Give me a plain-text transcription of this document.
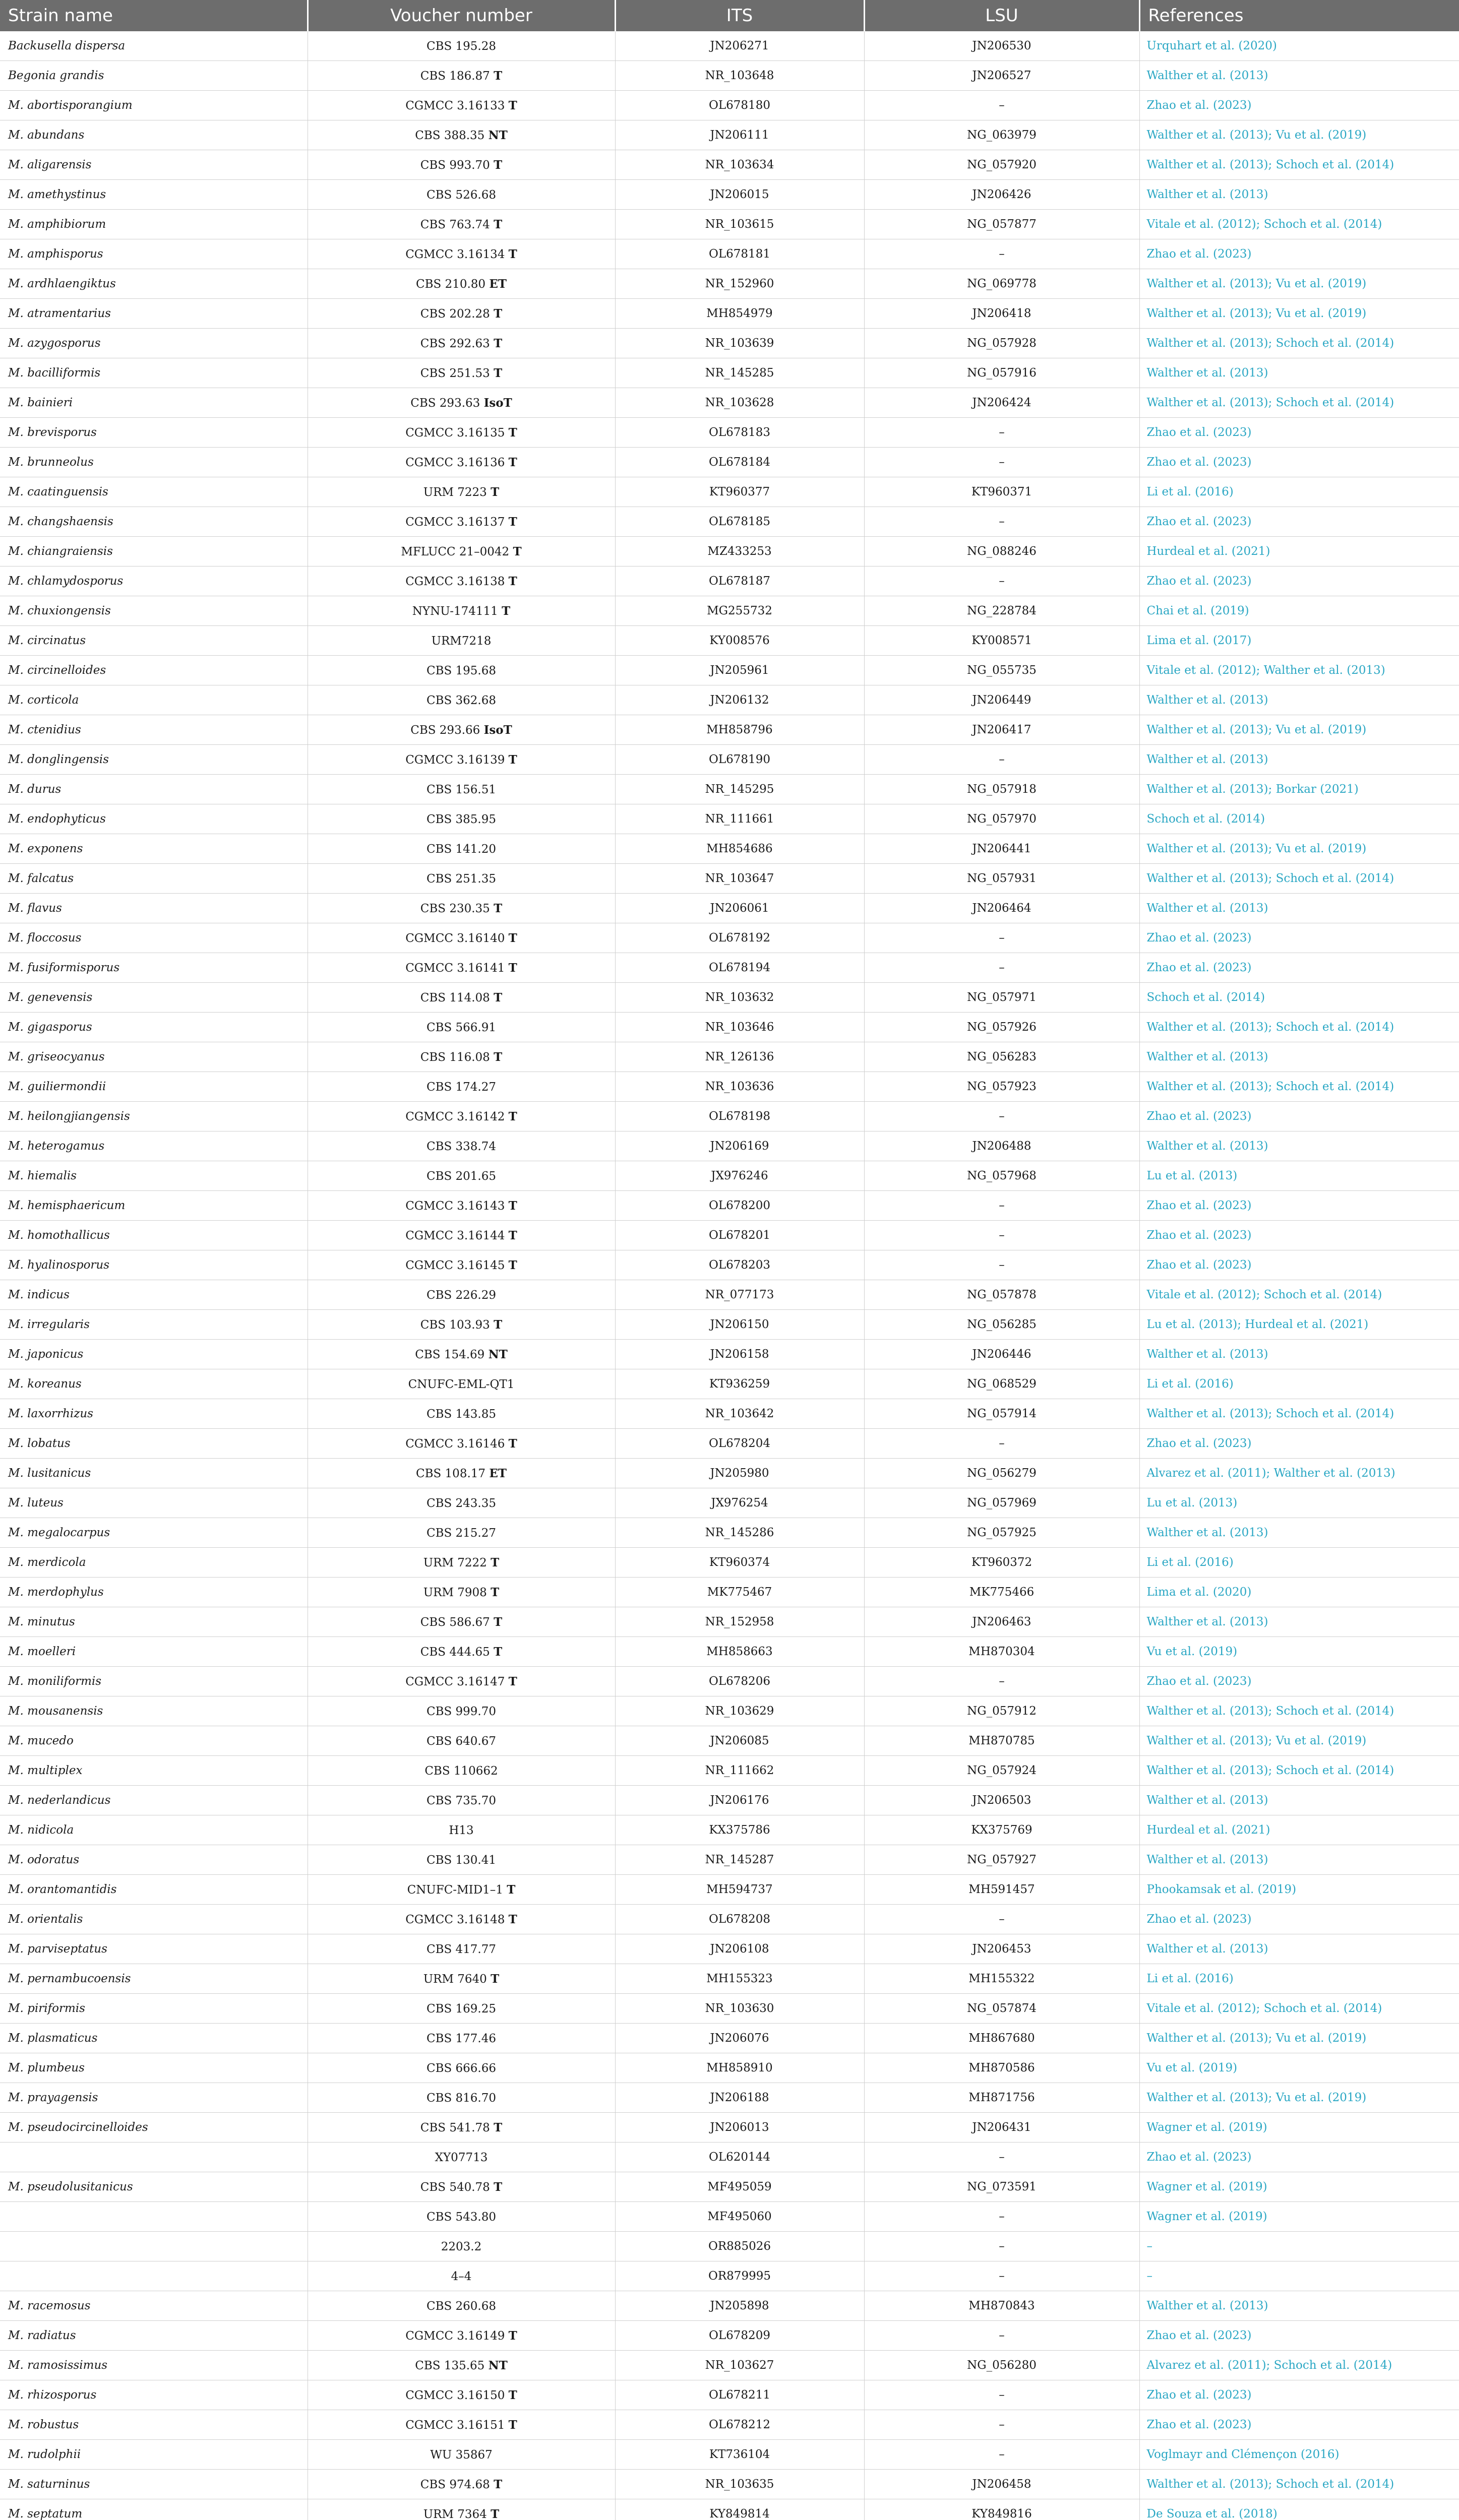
Strain name	Voucher number	ITS	LSU	References
Backusella dispersa	CBS 195.28	JN206271	JN206530	Urquhart et al. (2020)
Begonia grandis	CBS 186.87 T	NR_103648	JN206527	Walther et al. (2013)
M. abortisporangium	CGMCC 3.16133 T	OL678180	–	Zhao et al. (2023)
M. abundans	CBS 388.35 NT	JN206111	NG_063979	Walther et al. (2013); Vu et al. (2019)
M. aligarensis	CBS 993.70 T	NR_103634	NG_057920	Walther et al. (2013); Schoch et al. (2014)
M. amethystinus	CBS 526.68	JN206015	JN206426	Walther et al. (2013)
M. amphibiorum	CBS 763.74 T	NR_103615	NG_057877	Vitale et al. (2012); Schoch et al. (2014)
M. amphisporus	CGMCC 3.16134 T	OL678181	–	Zhao et al. (2023)
M. ardhlaengiktus	CBS 210.80 ET	NR_152960	NG_069778	Walther et al. (2013); Vu et al. (2019)
M. atramentarius	CBS 202.28 T	MH854979	JN206418	Walther et al. (2013); Vu et al. (2019)
M. azygosporus	CBS 292.63 T	NR_103639	NG_057928	Walther et al. (2013); Schoch et al. (2014)
M. bacilliformis	CBS 251.53 T	NR_145285	NG_057916	Walther et al. (2013)
M. bainieri	CBS 293.63 IsoT	NR_103628	JN206424	Walther et al. (2013); Schoch et al. (2014)
M. brevisporus	CGMCC 3.16135 T	OL678183	–	Zhao et al. (2023)
M. brunneolus	CGMCC 3.16136 T	OL678184	–	Zhao et al. (2023)
M. caatinguensis	URM 7223 T	KT960377	KT960371	Li et al. (2016)
M. changshaensis	CGMCC 3.16137 T	OL678185	–	Zhao et al. (2023)
M. chiangraiensis	MFLUCC 21–0042 T	MZ433253	NG_088246	Hurdeal et al. (2021)
M. chlamydosporus	CGMCC 3.16138 T	OL678187	–	Zhao et al. (2023)
M. chuxiongensis	NYNU-174111 T	MG255732	NG_228784	Chai et al. (2019)
M. circinatus	URM7218	KY008576	KY008571	Lima et al. (2017)
M. circinelloides	CBS 195.68	JN205961	NG_055735	Vitale et al. (2012); Walther et al. (2013)
M. corticola	CBS 362.68	JN206132	JN206449	Walther et al. (2013)
M. ctenidius	CBS 293.66 IsoT	MH858796	JN206417	Walther et al. (2013); Vu et al. (2019)
M. donglingensis	CGMCC 3.16139 T	OL678190	–	Walther et al. (2013)
M. durus	CBS 156.51	NR_145295	NG_057918	Walther et al. (2013); Borkar (2021)
M. endophyticus	CBS 385.95	NR_111661	NG_057970	Schoch et al. (2014)
M. exponens	CBS 141.20	MH854686	JN206441	Walther et al. (2013); Vu et al. (2019)
M. falcatus	CBS 251.35	NR_103647	NG_057931	Walther et al. (2013); Schoch et al. (2014)
M. flavus	CBS 230.35 T	JN206061	JN206464	Walther et al. (2013)
M. floccosus	CGMCC 3.16140 T	OL678192	–	Zhao et al. (2023)
M. fusiformisporus	CGMCC 3.16141 T	OL678194	–	Zhao et al. (2023)
M. genevensis	CBS 114.08 T	NR_103632	NG_057971	Schoch et al. (2014)
M. gigasporus	CBS 566.91	NR_103646	NG_057926	Walther et al. (2013); Schoch et al. (2014)
M. griseocyanus	CBS 116.08 T	NR_126136	NG_056283	Walther et al. (2013)
M. guiliermondii	CBS 174.27	NR_103636	NG_057923	Walther et al. (2013); Schoch et al. (2014)
M. heilongjiangensis	CGMCC 3.16142 T	OL678198	–	Zhao et al. (2023)
M. heterogamus	CBS 338.74	JN206169	JN206488	Walther et al. (2013)
M. hiemalis	CBS 201.65	JX976246	NG_057968	Lu et al. (2013)
M. hemisphaericum	CGMCC 3.16143 T	OL678200	–	Zhao et al. (2023)
M. homothallicus	CGMCC 3.16144 T	OL678201	–	Zhao et al. (2023)
M. hyalinosporus	CGMCC 3.16145 T	OL678203	–	Zhao et al. (2023)
M. indicus	CBS 226.29	NR_077173	NG_057878	Vitale et al. (2012); Schoch et al. (2014)
M. irregularis	CBS 103.93 T	JN206150	NG_056285	Lu et al. (2013); Hurdeal et al. (2021)
M. japonicus	CBS 154.69 NT	JN206158	JN206446	Walther et al. (2013)
M. koreanus	CNUFC-EML-QT1	KT936259	NG_068529	Li et al. (2016)
M. laxorrhizus	CBS 143.85	NR_103642	NG_057914	Walther et al. (2013); Schoch et al. (2014)
M. lobatus	CGMCC 3.16146 T	OL678204	–	Zhao et al. (2023)
M. lusitanicus	CBS 108.17 ET	JN205980	NG_056279	Alvarez et al. (2011); Walther et al. (2013)
M. luteus	CBS 243.35	JX976254	NG_057969	Lu et al. (2013)
M. megalocarpus	CBS 215.27	NR_145286	NG_057925	Walther et al. (2013)
M. merdicola	URM 7222 T	KT960374	KT960372	Li et al. (2016)
M. merdophylus	URM 7908 T	MK775467	MK775466	Lima et al. (2020)
M. minutus	CBS 586.67 T	NR_152958	JN206463	Walther et al. (2013)
M. moelleri	CBS 444.65 T	MH858663	MH870304	Vu et al. (2019)
M. moniliformis	CGMCC 3.16147 T	OL678206	–	Zhao et al. (2023)
M. mousanensis	CBS 999.70	NR_103629	NG_057912	Walther et al. (2013); Schoch et al. (2014)
M. mucedo	CBS 640.67	JN206085	MH870785	Walther et al. (2013); Vu et al. (2019)
M. multiplex	CBS 110662	NR_111662	NG_057924	Walther et al. (2013); Schoch et al. (2014)
M. nederlandicus	CBS 735.70	JN206176	JN206503	Walther et al. (2013)
M. nidicola	H13	KX375786	KX375769	Hurdeal et al. (2021)
M. odoratus	CBS 130.41	NR_145287	NG_057927	Walther et al. (2013)
M. orantomantidis	CNUFC-MID1–1 T	MH594737	MH591457	Phookamsak et al. (2019)
M. orientalis	CGMCC 3.16148 T	OL678208	–	Zhao et al. (2023)
M. parviseptatus	CBS 417.77	JN206108	JN206453	Walther et al. (2013)
M. pernambucoensis	URM 7640 T	MH155323	MH155322	Li et al. (2016)
M. piriformis	CBS 169.25	NR_103630	NG_057874	Vitale et al. (2012); Schoch et al. (2014)
M. plasmaticus	CBS 177.46	JN206076	MH867680	Walther et al. (2013); Vu et al. (2019)
M. plumbeus	CBS 666.66	MH858910	MH870586	Vu et al. (2019)
M. prayagensis	CBS 816.70	JN206188	MH871756	Walther et al. (2013); Vu et al. (2019)
M. pseudocircinelloides	CBS 541.78 T	JN206013	JN206431	Wagner et al. (2019)
	XY07713	OL620144	–	Zhao et al. (2023)
M. pseudolusitanicus	CBS 540.78 T	MF495059	NG_073591	Wagner et al. (2019)
	CBS 543.80	MF495060	–	Wagner et al. (2019)
	2203.2	OR885026	–	–
	4–4	OR879995	–	–
M. racemosus	CBS 260.68	JN205898	MH870843	Walther et al. (2013)
M. radiatus	CGMCC 3.16149 T	OL678209	–	Zhao et al. (2023)
M. ramosissimus	CBS 135.65 NT	NR_103627	NG_056280	Alvarez et al. (2011); Schoch et al. (2014)
M. rhizosporus	CGMCC 3.16150 T	OL678211	–	Zhao et al. (2023)
M. robustus	CGMCC 3.16151 T	OL678212	–	Zhao et al. (2023)
M. rudolphii	WU 35867	KT736104	–	Voglmayr and Clémençon (2016)
M. saturninus	CBS 974.68 T	NR_103635	JN206458	Walther et al. (2013); Schoch et al. (2014)
M. septatum	URM 7364 T	KY849814	KY849816	De Souza et al. (2018)
